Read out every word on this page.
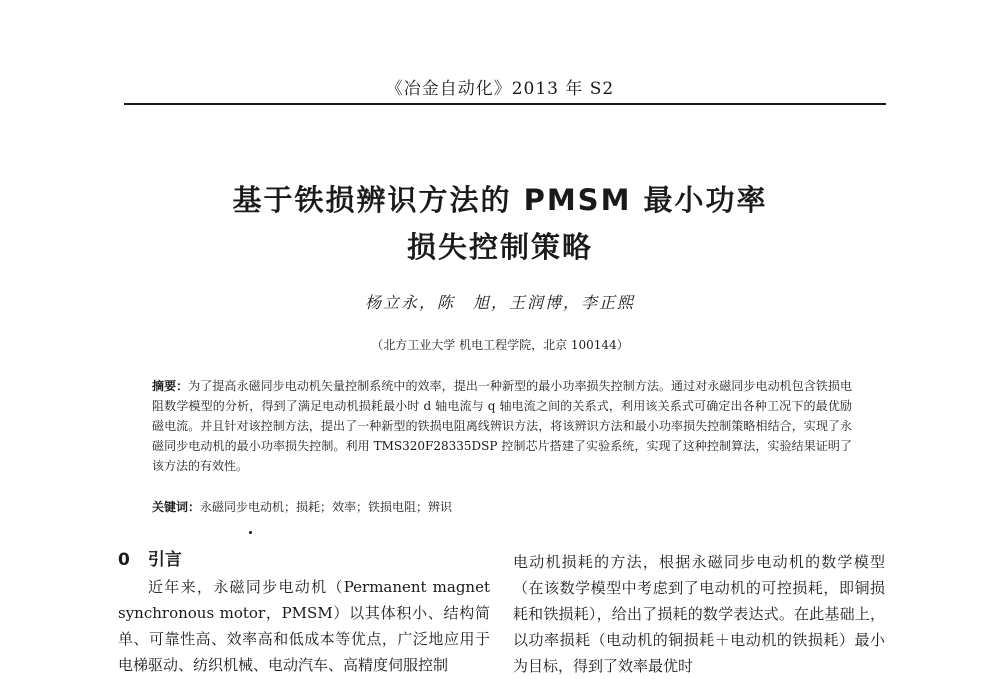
《冶金自动化》2013 年 S2
基于铁损辨识方法的 PMSM 最小功率
损失控制策略
杨立永，陈　旭，王润博，李正熙
（北方工业大学 机电工程学院，北京 100144）
摘要：为了提高永磁同步电动机矢量控制系统中的效率，提出一种新型的最小功率损失控制方法。通过对永磁同步电动机包含铁损电阻数学模型的分析，得到了满足电动机损耗最小时 d 轴电流与 q 轴电流之间的关系式，利用该关系式可确定出各种工况下的最优励磁电流。并且针对该控制方法，提出了一种新型的铁损电阻离线辨识方法，将该辨识方法和最小功率损失控制策略相结合，实现了永磁同步电动机的最小功率损失控制。利用 TMS320F28335DSP 控制芯片搭建了实验系统，实现了这种控制算法，实验结果证明了该方法的有效性。
关键词：永磁同步电动机；损耗；效率；铁损电阻；辨识
0 引言
近年来，永磁同步电动机（Permanent magnet synchronous motor，PMSM）以其体积小、结构简单、可靠性高、效率高和低成本等优点，广泛地应用于电梯驱动、纺织机械、电动汽车、高精度伺服控制
电动机损耗的方法，根据永磁同步电动机的数学模型（在该数学模型中考虑到了电动机的可控损耗，即铜损耗和铁损耗），给出了损耗的数学表达式。在此基础上，以功率损耗（电动机的铜损耗＋电动机的铁损耗）最小为目标，得到了效率最优时
